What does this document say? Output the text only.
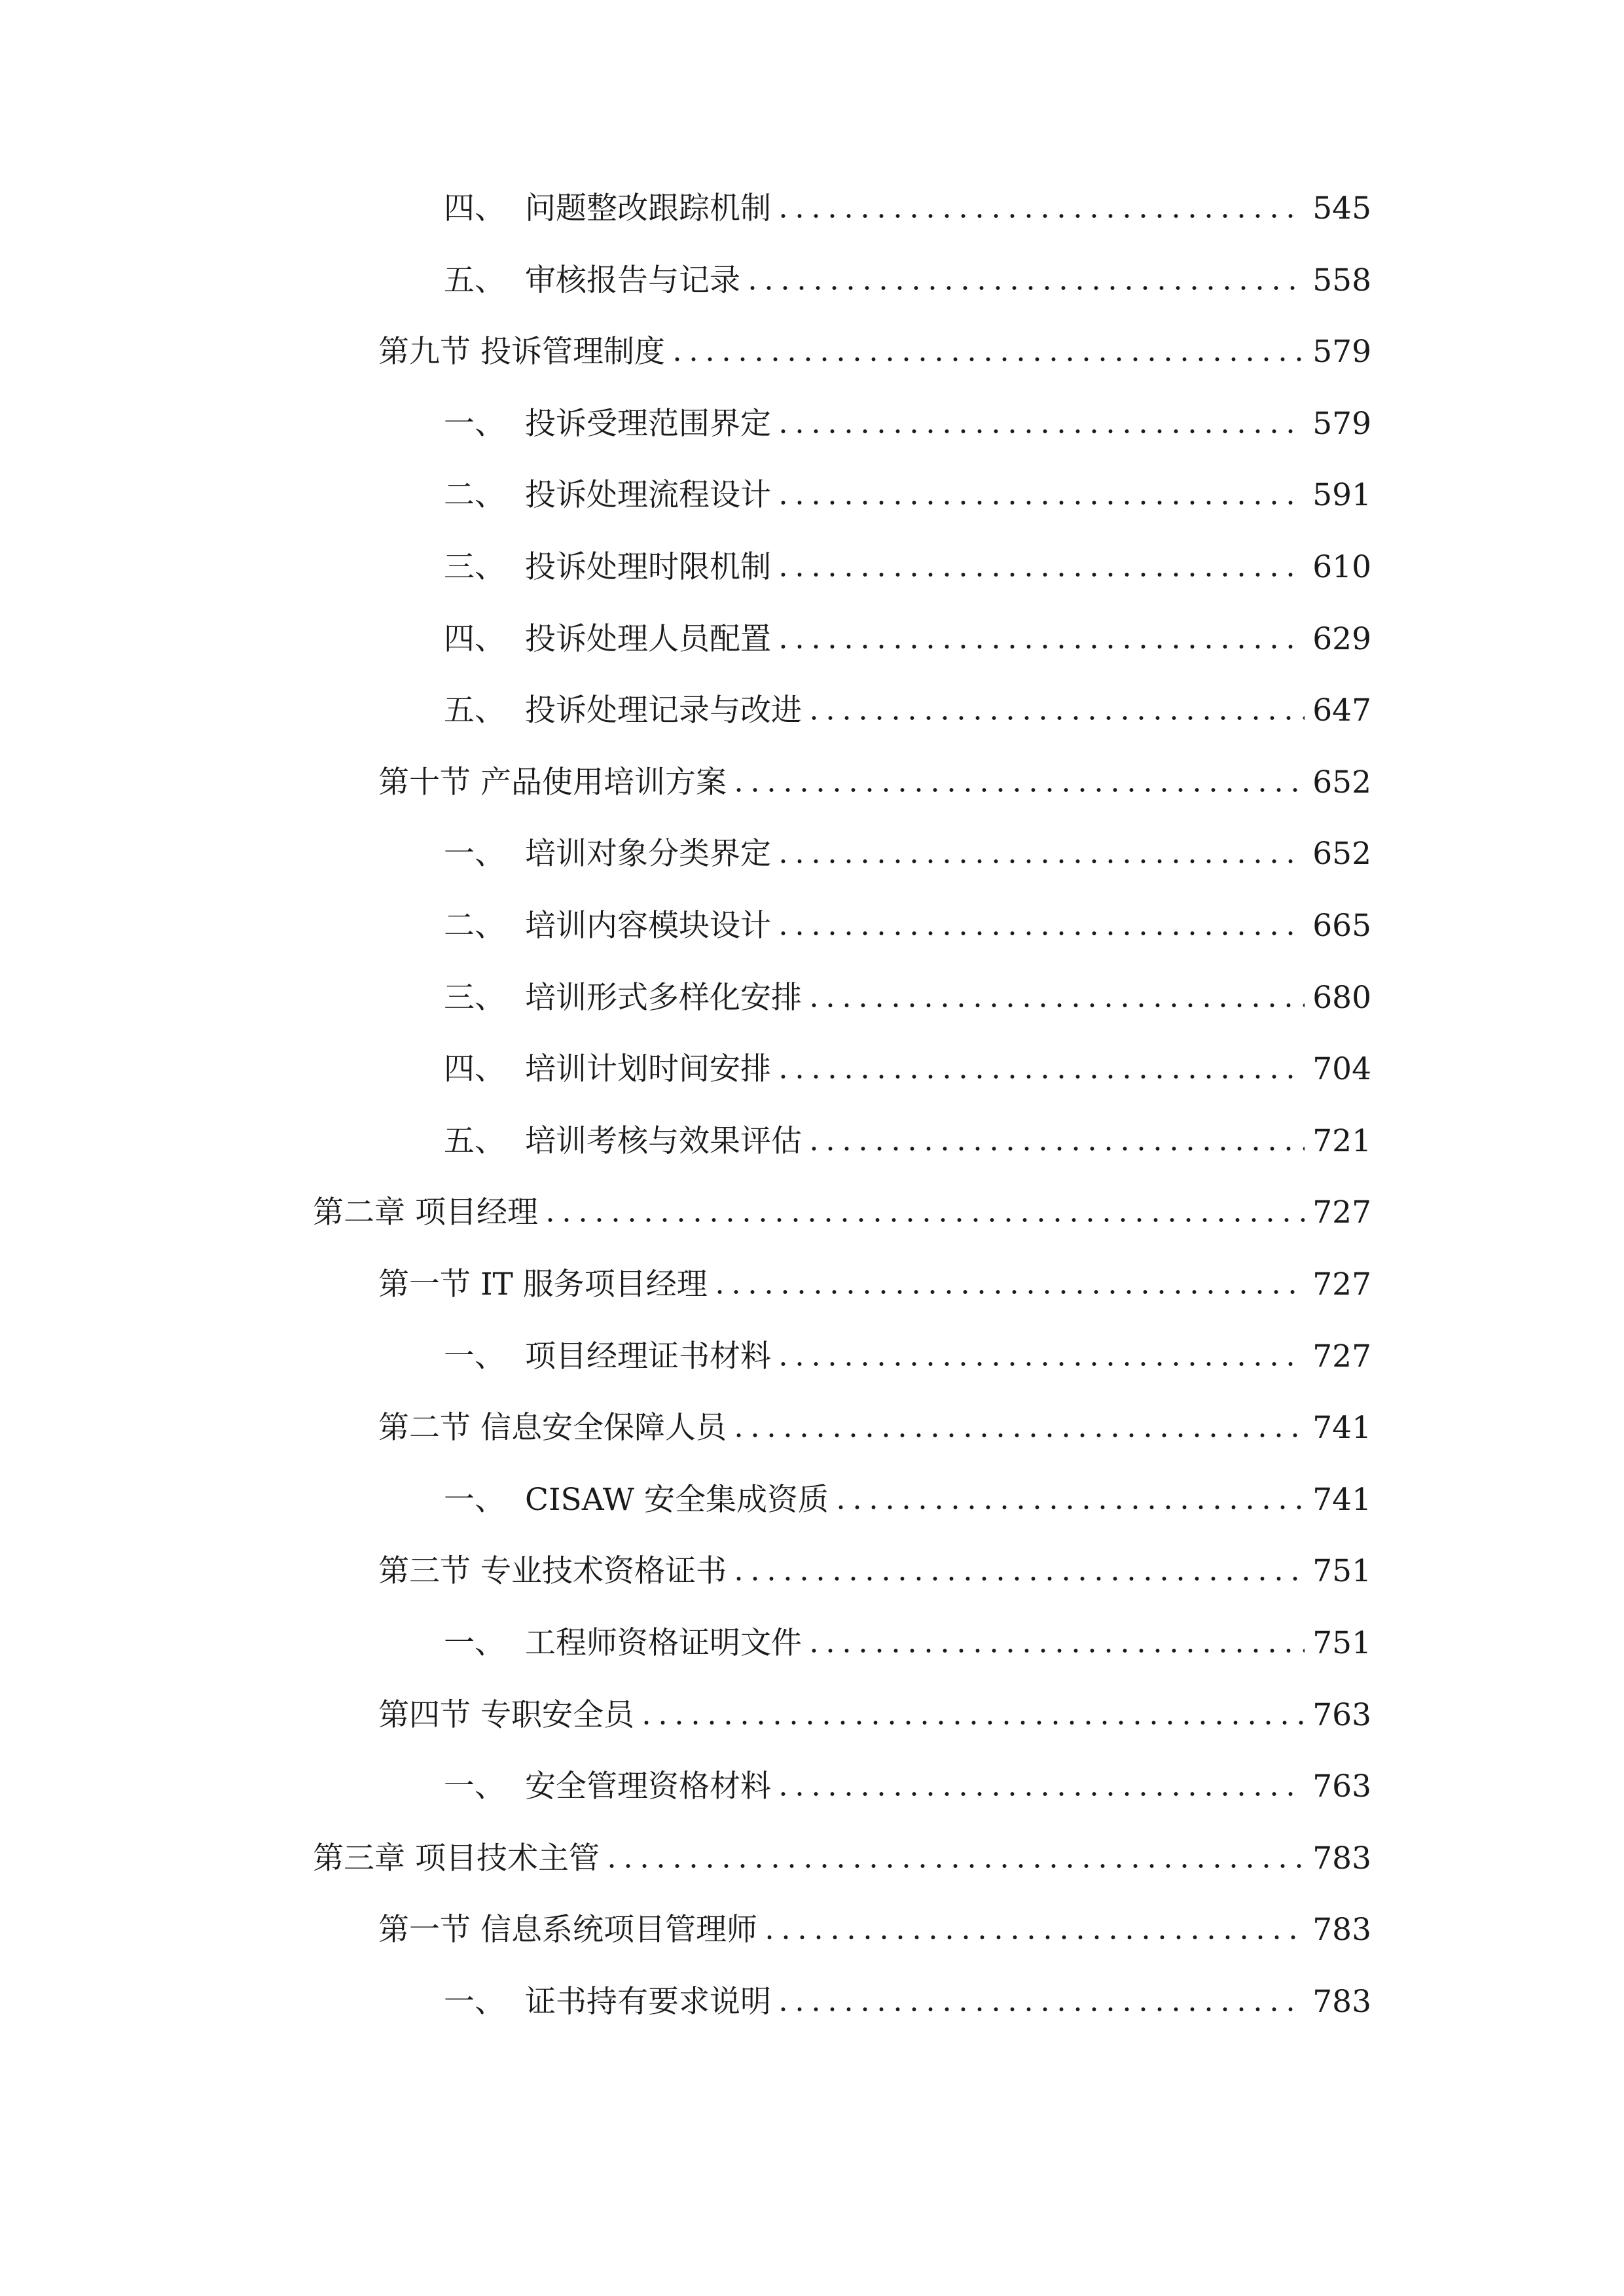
四、 问题整改跟踪机制	545
五、 审核报告与记录	558
第九节 投诉管理制度	579
一、 投诉受理范围界定	579
二、 投诉处理流程设计	591
三、 投诉处理时限机制	610
四、 投诉处理人员配置	629
五、 投诉处理记录与改进	647
第十节 产品使用培训方案	652
一、 培训对象分类界定	652
二、 培训内容模块设计	665
三、 培训形式多样化安排	680
四、 培训计划时间安排	704
五、 培训考核与效果评估	721
第二章 项目经理	727
第一节 IT 服务项目经理	727
一、 项目经理证书材料	727
第二节 信息安全保障人员	741
一、 CISAW 安全集成资质	741
第三节 专业技术资格证书	751
一、 工程师资格证明文件	751
第四节 专职安全员	763
一、 安全管理资格材料	763
第三章 项目技术主管	783
第一节 信息系统项目管理师	783
一、 证书持有要求说明	783
